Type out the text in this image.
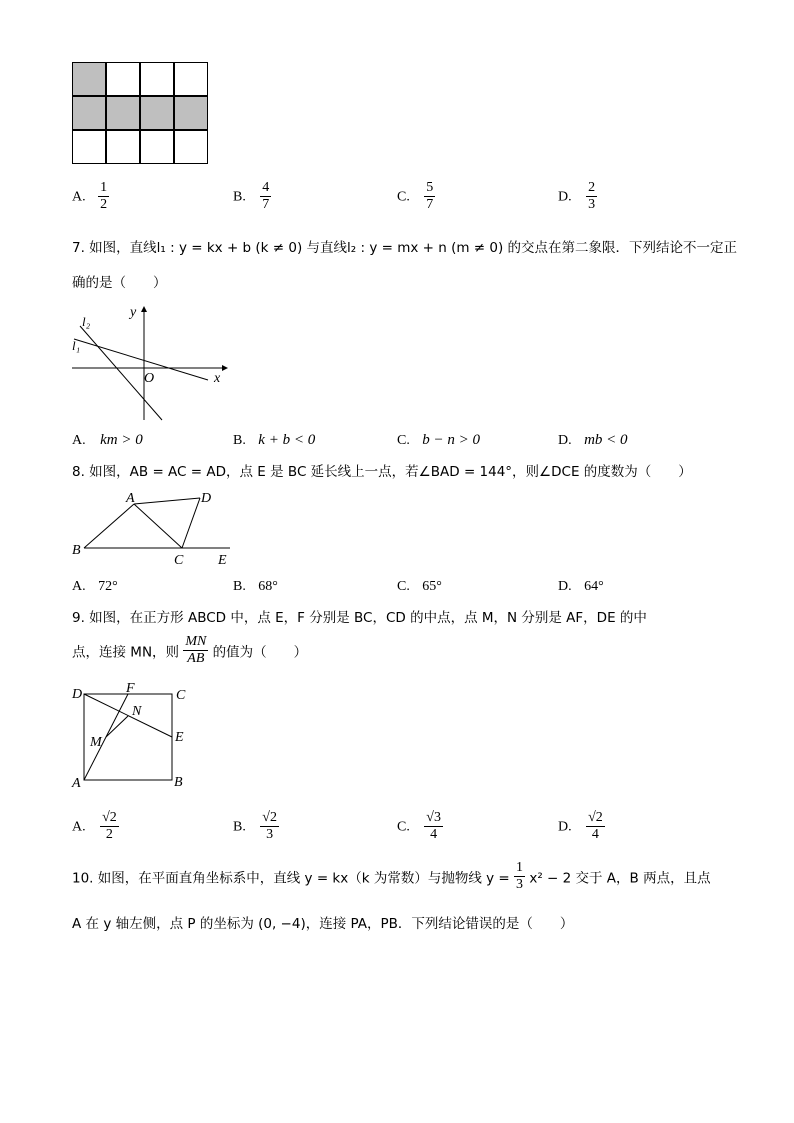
A. $\frac{1}{2}$	B. $\frac{4}{7}$	C. $\frac{5}{7}$	D. $\frac{2}{3}$
7. 如图，直线l₁ : y = kx + b (k ≠ 0) 与直线l₂ : y = mx + n (m ≠ 0) 的交点在第二象限．下列结论不一定正
确的是（　　）
l₂
l₁
y
x
O
A. km > 0	B. k + b < 0	C. b − n > 0	D. mb < 0
8. 如图，AB = AC = AD，点 E 是 BC 延长线上一点，若∠BAD = 144°，则∠DCE 的度数为（　　）
A	D
B
C E
A. 72°	B. 68°	C. 65°	D. 64°
9. 如图，在正方形 ABCD 中，点 E，F 分别是 BC，CD 的中点，点 M，N 分别是 AF，DE 的中
点，连接 MN，则 $\frac{MN}{AB}$ 的值为（　　）
D	F	C
N
M	E
A	B
A. $\frac{√2}{2}$	B. $\frac{√2}{3}$	C. $\frac{√3}{4}$	D. $\frac{√2}{4}$
10. 如图，在平面直角坐标系中，直线 y = kx（k 为常数）与抛物线 $y = \frac{1}{3} x^2 - 2$ 交于 A，B 两点，且点
A 在 y 轴左侧，点 P 的坐标为 (0, −4)，连接 PA，PB．下列结论错误的是（　　）
